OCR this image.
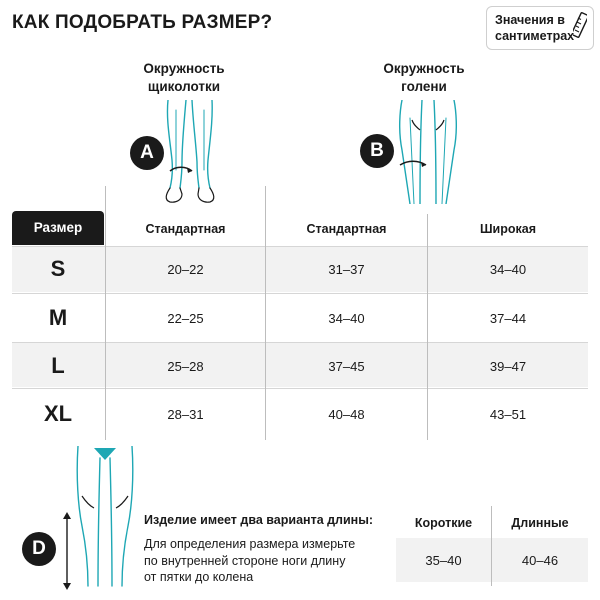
КАК ПОДОБРАТЬ РАЗМЕР?	Значения в
сантиметрах
Окружность
щиколотки
A
Окружность
голени
B
Размер	Стандартная	Стандартная	Широкая
S	20–22	31–37	34–40
M	22–25	34–40	37–44
L	25–28	37–45	39–47
XL	28–31	40–48	43–51
D
Изделие имеет два варианта длины:
Для определения размера измерьте
по внутренней стороне ноги длину
от пятки до колена
Короткие	Длинные
35–40	40–46
